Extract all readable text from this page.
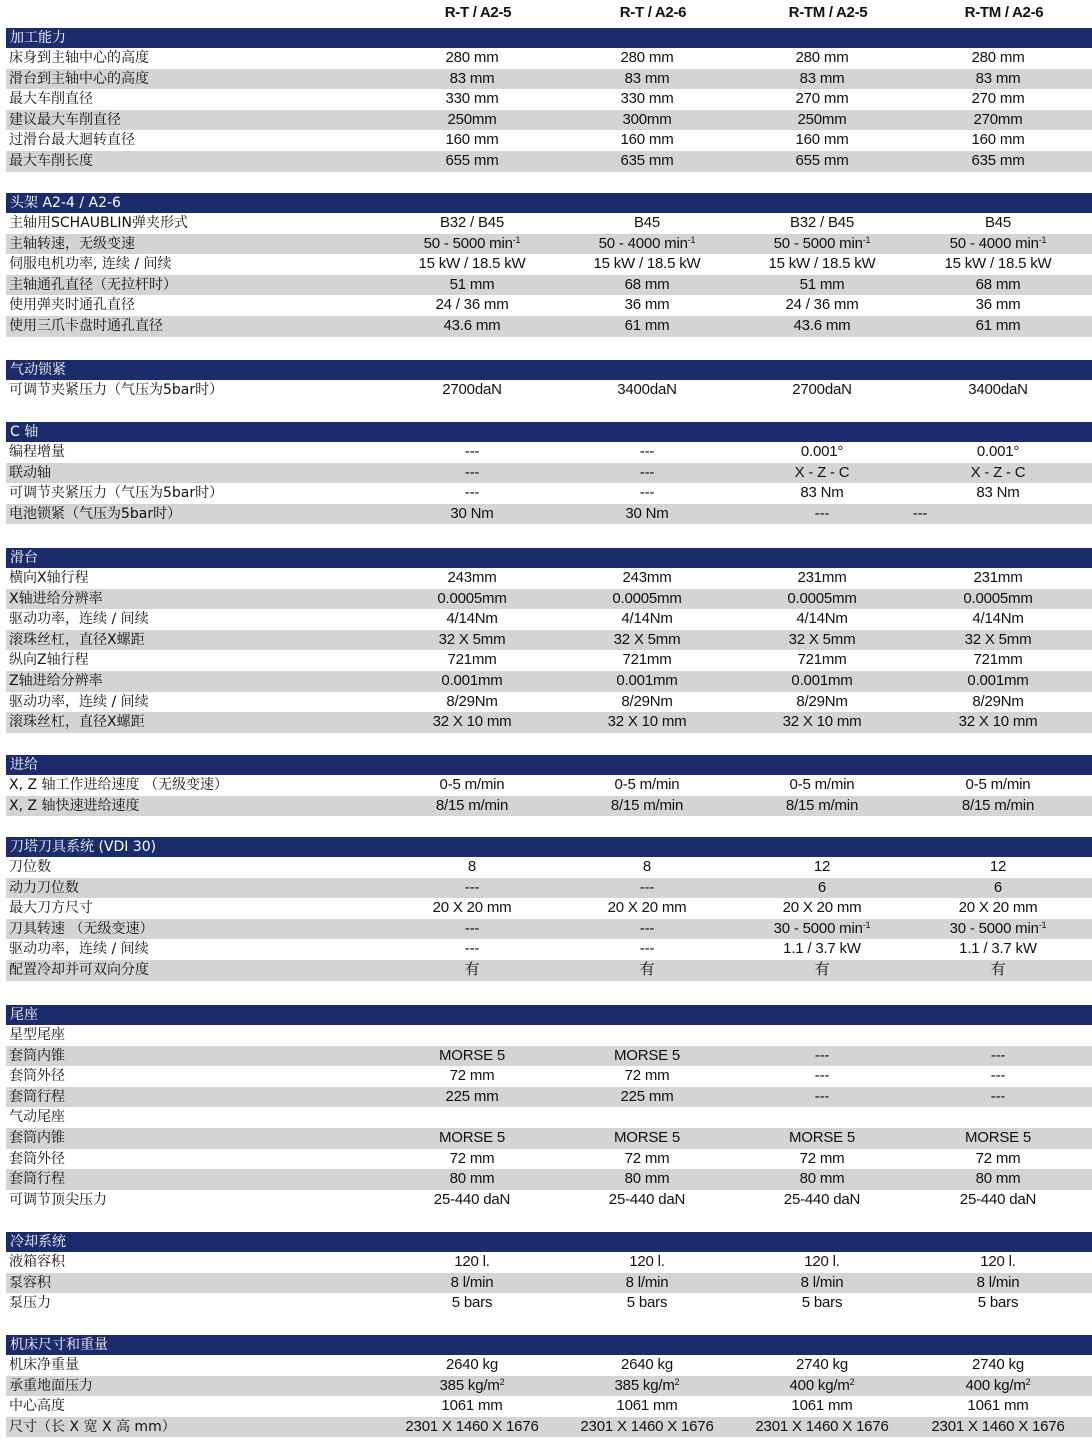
R-T / A2-5	R-T / A2-6	R-TM / A2-5	R-TM / A2-6
加工能力
床身到主轴中心的高度	280 mm	280 mm	280 mm	280 mm
滑台到主轴中心的高度	83 mm	83 mm	83 mm	83 mm
最大车削直径	330 mm	330 mm	270 mm	270 mm
建议最大车削直径	250mm	300mm	250mm	270mm
过滑台最大迴转直径	160 mm	160 mm	160 mm	160 mm
最大车削长度	655 mm	635 mm	655 mm	635 mm
头架 A2-4 / A2-6
主轴用SCHAUBLIN弹夹形式	B32 / B45	B45	B32 / B45	B45
主轴转速，无级变速	50 - 5000 $\min^{-1}$	50 - 4000 $\min^{-1}$	50 - 5000 $\min^{-1}$	50 - 4000 $\min^{-1}$
伺服电机功率, 连续 / 间续	15 kW / 18.5 kW	15 kW / 18.5 kW	15 kW / 18.5 kW	15 kW / 18.5 kW
主轴通孔直径（无拉杆时）	51 mm	68 mm	51 mm	68 mm
使用弹夹时通孔直径	24 / 36 mm	36 mm	24 / 36 mm	36 mm
使用三爪卡盘时通孔直径	43.6 mm	61 mm	43.6 mm	61 mm
气动锁紧
可调节夹紧压力（气压为5bar时）	2700daN	3400daN	2700daN	3400daN
C 轴
编程增量	---	---	0.001°	0.001°
联动轴	---	---	X - Z - C	X - Z - C
可调节夹紧压力（气压为5bar时）	---	---	83 Nm	83 Nm
电池锁紧（气压为5bar时）	30 Nm	30 Nm	---	---
滑台
横向X轴行程	243mm	243mm	231mm	231mm
X轴进给分辨率	0.0005mm	0.0005mm	0.0005mm	0.0005mm
驱动功率，连续 / 间续	4/14Nm	4/14Nm	4/14Nm	4/14Nm
滚珠丝杠，直径X螺距	32 X 5mm	32 X 5mm	32 X 5mm	32 X 5mm
纵向Z轴行程	721mm	721mm	721mm	721mm
Z轴进给分辨率	0.001mm	0.001mm	0.001mm	0.001mm
驱动功率，连续 / 间续	8/29Nm	8/29Nm	8/29Nm	8/29Nm
滚珠丝杠，直径X螺距	32 X 10 mm	32 X 10 mm	32 X 10 mm	32 X 10 mm
进给
X, Z 轴工作进给速度 （无级变速）	0-5 m/min	0-5 m/min	0-5 m/min	0-5 m/min
X, Z 轴快速进给速度	8/15 m/min	8/15 m/min	8/15 m/min	8/15 m/min
刀塔刀具系统 (VDI 30)
刀位数	8	8	12	12
动力刀位数	---	---	6	6
最大刀方尺寸	20 X 20 mm	20 X 20 mm	20 X 20 mm	20 X 20 mm
刀具转速 （无级变速）	---	---	30 - 5000 $\min^{-1}$	30 - 5000 $\min^{-1}$
驱动功率，连续 / 间续	---	---	1.1 / 3.7 kW	1.1 / 3.7 kW
配置冷却并可双向分度	有	有	有	有
尾座
星型尾座
套筒内锥	MORSE 5	MORSE 5	---	---
套筒外径	72 mm	72 mm	---	---
套筒行程	225 mm	225 mm	---	---
气动尾座
套筒内锥	MORSE 5	MORSE 5	MORSE 5	MORSE 5
套筒外径	72 mm	72 mm	72 mm	72 mm
套筒行程	80 mm	80 mm	80 mm	80 mm
可调节顶尖压力	25-440 daN	25-440 daN	25-440 daN	25-440 daN
冷却系统
液箱容积	120 l.	120 l.	120 l.	120 l.
泵容积	8 l/min	8 l/min	8 l/min	8 l/min
泵压力	5 bars	5 bars	5 bars	5 bars
机床尺寸和重量
机床净重量	2640 kg	2640 kg	2740 kg	2740 kg
承重地面压力	385 $kg/m^2$	385 $kg/m^2$	400 $kg/m^2$	400 $kg/m^2$
中心高度	1061 mm	1061 mm	1061 mm	1061 mm
尺寸（长 X 宽 X 高 mm）	2301 X 1460 X 1676	2301 X 1460 X 1676	2301 X 1460 X 1676	2301 X 1460 X 1676
